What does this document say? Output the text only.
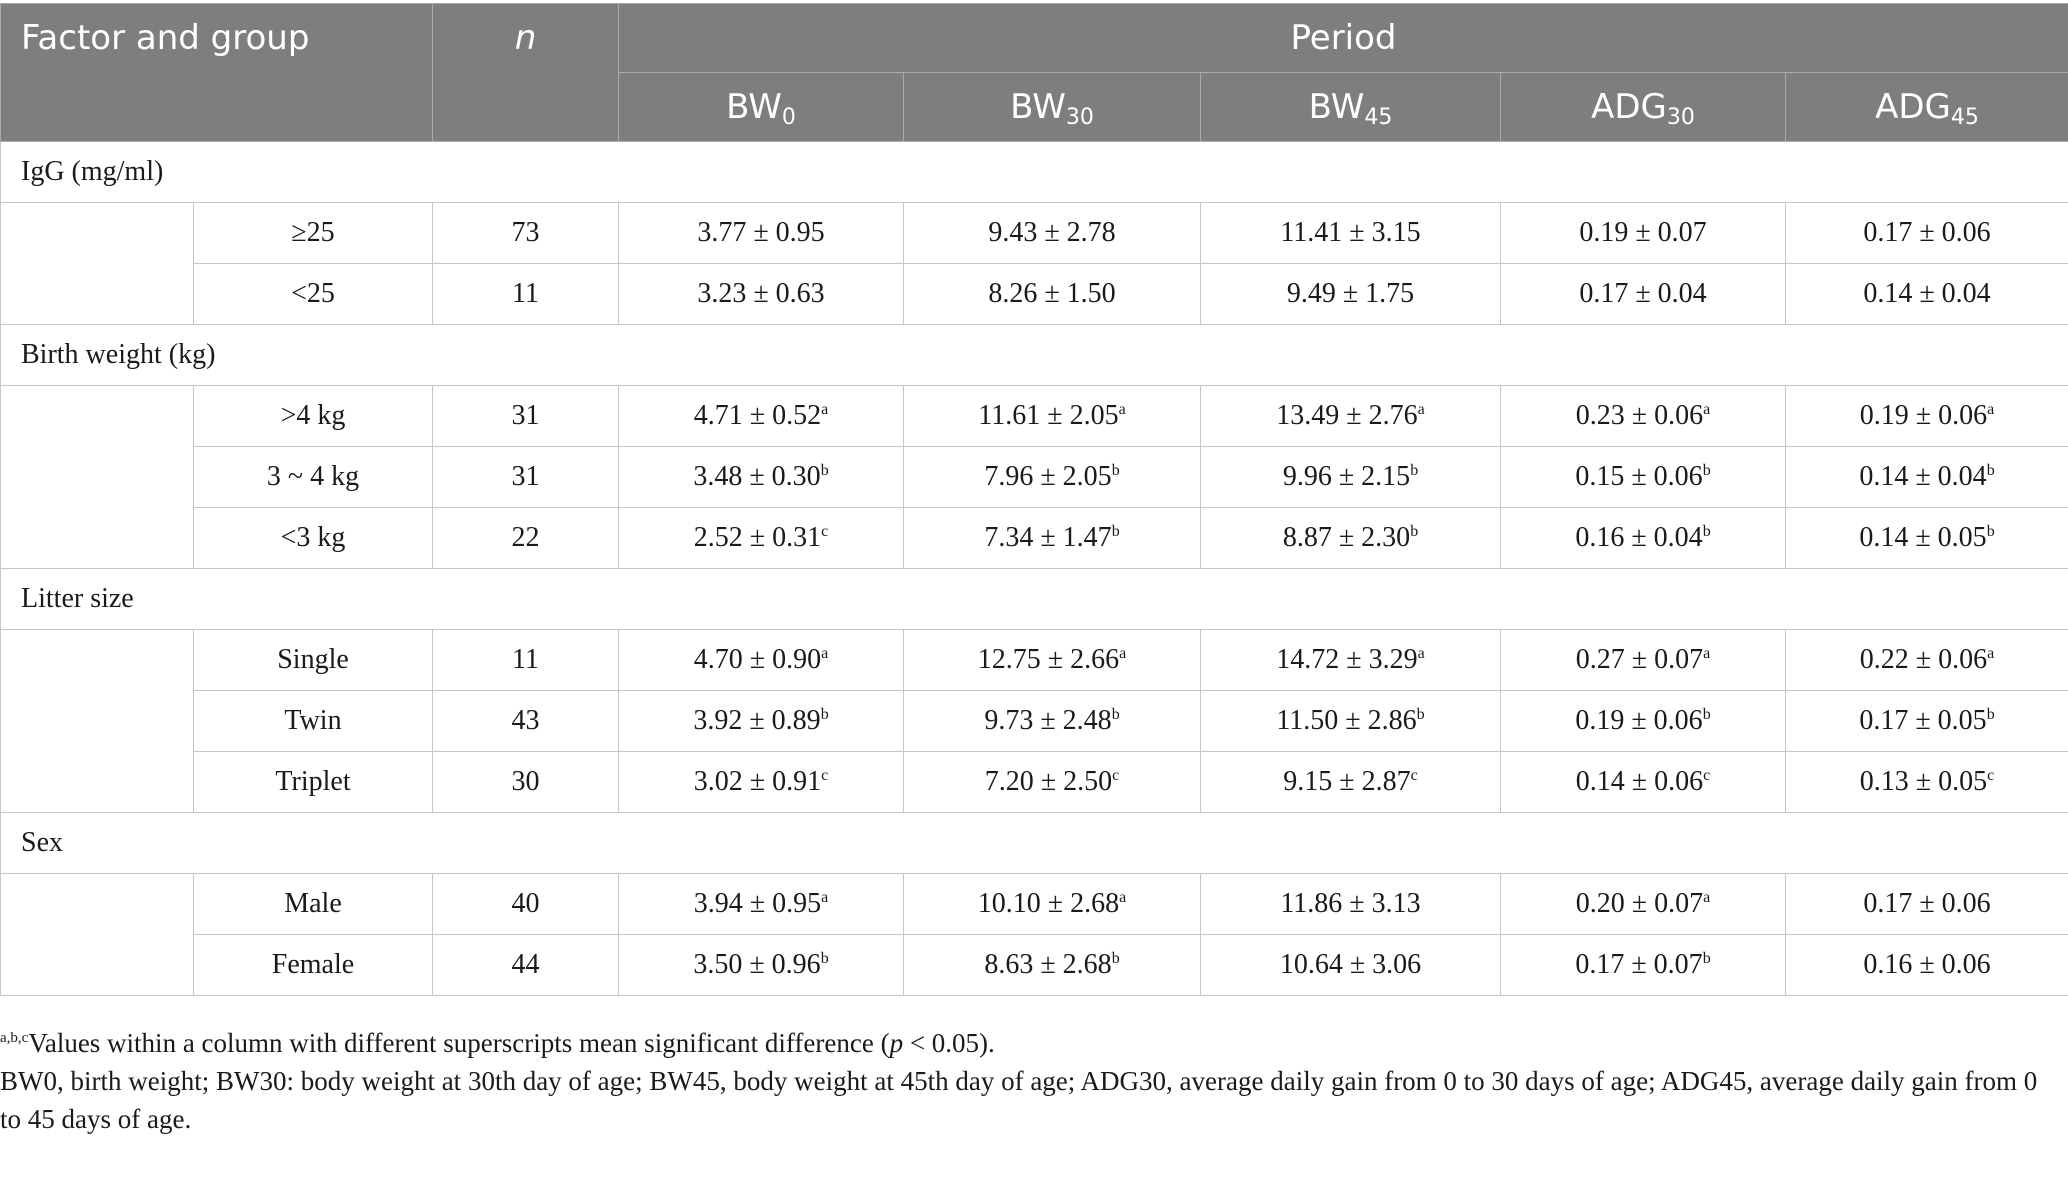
Factor and group		n	Period				
			$BW_0$	$BW_{30}$	$BW_{45}$	$ADG_{30}$	$ADG_{45}$
IgG (mg/ml)							
	≥25	73	3.77 ± 0.95	9.43 ± 2.78	11.41 ± 3.15	0.19 ± 0.07	0.17 ± 0.06
	<25	11	3.23 ± 0.63	8.26 ± 1.50	9.49 ± 1.75	0.17 ± 0.04	0.14 ± 0.04
Birth weight (kg)							
	>4 kg	31	4.71 ± 0.52$^a$	11.61 ± 2.05$^a$	13.49 ± 2.76$^a$	0.23 ± 0.06$^a$	0.19 ± 0.06$^a$
	3 ~ 4 kg	31	3.48 ± 0.30$^b$	7.96 ± 2.05$^b$	9.96 ± 2.15$^b$	0.15 ± 0.06$^b$	0.14 ± 0.04$^b$
	<3 kg	22	2.52 ± 0.31$^c$	7.34 ± 1.47$^b$	8.87 ± 2.30$^b$	0.16 ± 0.04$^b$	0.14 ± 0.05$^b$
Litter size							
	Single	11	4.70 ± 0.90$^a$	12.75 ± 2.66$^a$	14.72 ± 3.29$^a$	0.27 ± 0.07$^a$	0.22 ± 0.06$^a$
	Twin	43	3.92 ± 0.89$^b$	9.73 ± 2.48$^b$	11.50 ± 2.86$^b$	0.19 ± 0.06$^b$	0.17 ± 0.05$^b$
	Triplet	30	3.02 ± 0.91$^c$	7.20 ± 2.50$^c$	9.15 ± 2.87$^c$	0.14 ± 0.06$^c$	0.13 ± 0.05$^c$
Sex							
	Male	40	3.94 ± 0.95$^a$	10.10 ± 2.68$^a$	11.86 ± 3.13	0.20 ± 0.07$^a$	0.17 ± 0.06
	Female	44	3.50 ± 0.96$^b$	8.63 ± 2.68$^b$	10.64 ± 3.06	0.17 ± 0.07$^b$	0.16 ± 0.06

$^{a,b,c}$Values within a column with different superscripts mean significant difference (p < 0.05).

BW0, birth weight; BW30: body weight at 30th day of age; BW45, body weight at 45th day of age; ADG30, average daily gain from 0 to 30 days of age; ADG45, average daily gain from 0 to 45 days of age.
